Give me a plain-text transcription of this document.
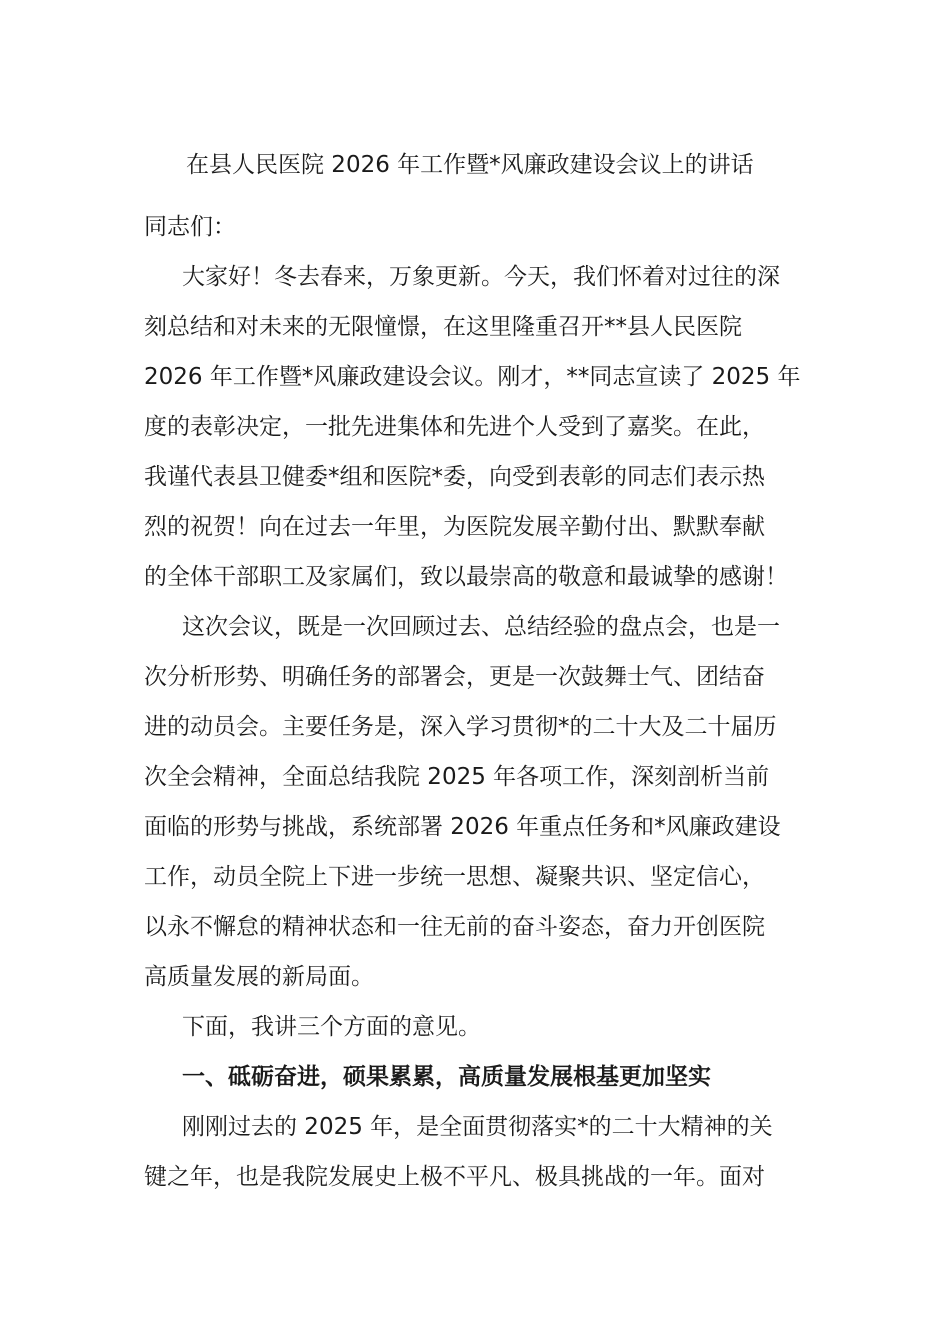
在县人民医院 2026 年工作暨*风廉政建设会议上的讲话
同志们：
大家好！冬去春来，万象更新。今天，我们怀着对过往的深
刻总结和对未来的无限憧憬，在这里隆重召开**县人民医院
2026 年工作暨*风廉政建设会议。刚才，**同志宣读了 2025 年
度的表彰决定，一批先进集体和先进个人受到了嘉奖。在此，
我谨代表县卫健委*组和医院*委，向受到表彰的同志们表示热
烈的祝贺！向在过去一年里，为医院发展辛勤付出、默默奉献
的全体干部职工及家属们，致以最崇高的敬意和最诚挚的感谢！
这次会议，既是一次回顾过去、总结经验的盘点会，也是一
次分析形势、明确任务的部署会，更是一次鼓舞士气、团结奋
进的动员会。主要任务是，深入学习贯彻*的二十大及二十届历
次全会精神，全面总结我院 2025 年各项工作，深刻剖析当前
面临的形势与挑战，系统部署 2026 年重点任务和*风廉政建设
工作，动员全院上下进一步统一思想、凝聚共识、坚定信心，
以永不懈怠的精神状态和一往无前的奋斗姿态，奋力开创医院
高质量发展的新局面。
下面，我讲三个方面的意见。
一、砥砺奋进，硕果累累，高质量发展根基更加坚实
刚刚过去的 2025 年，是全面贯彻落实*的二十大精神的关
键之年，也是我院发展史上极不平凡、极具挑战的一年。面对
